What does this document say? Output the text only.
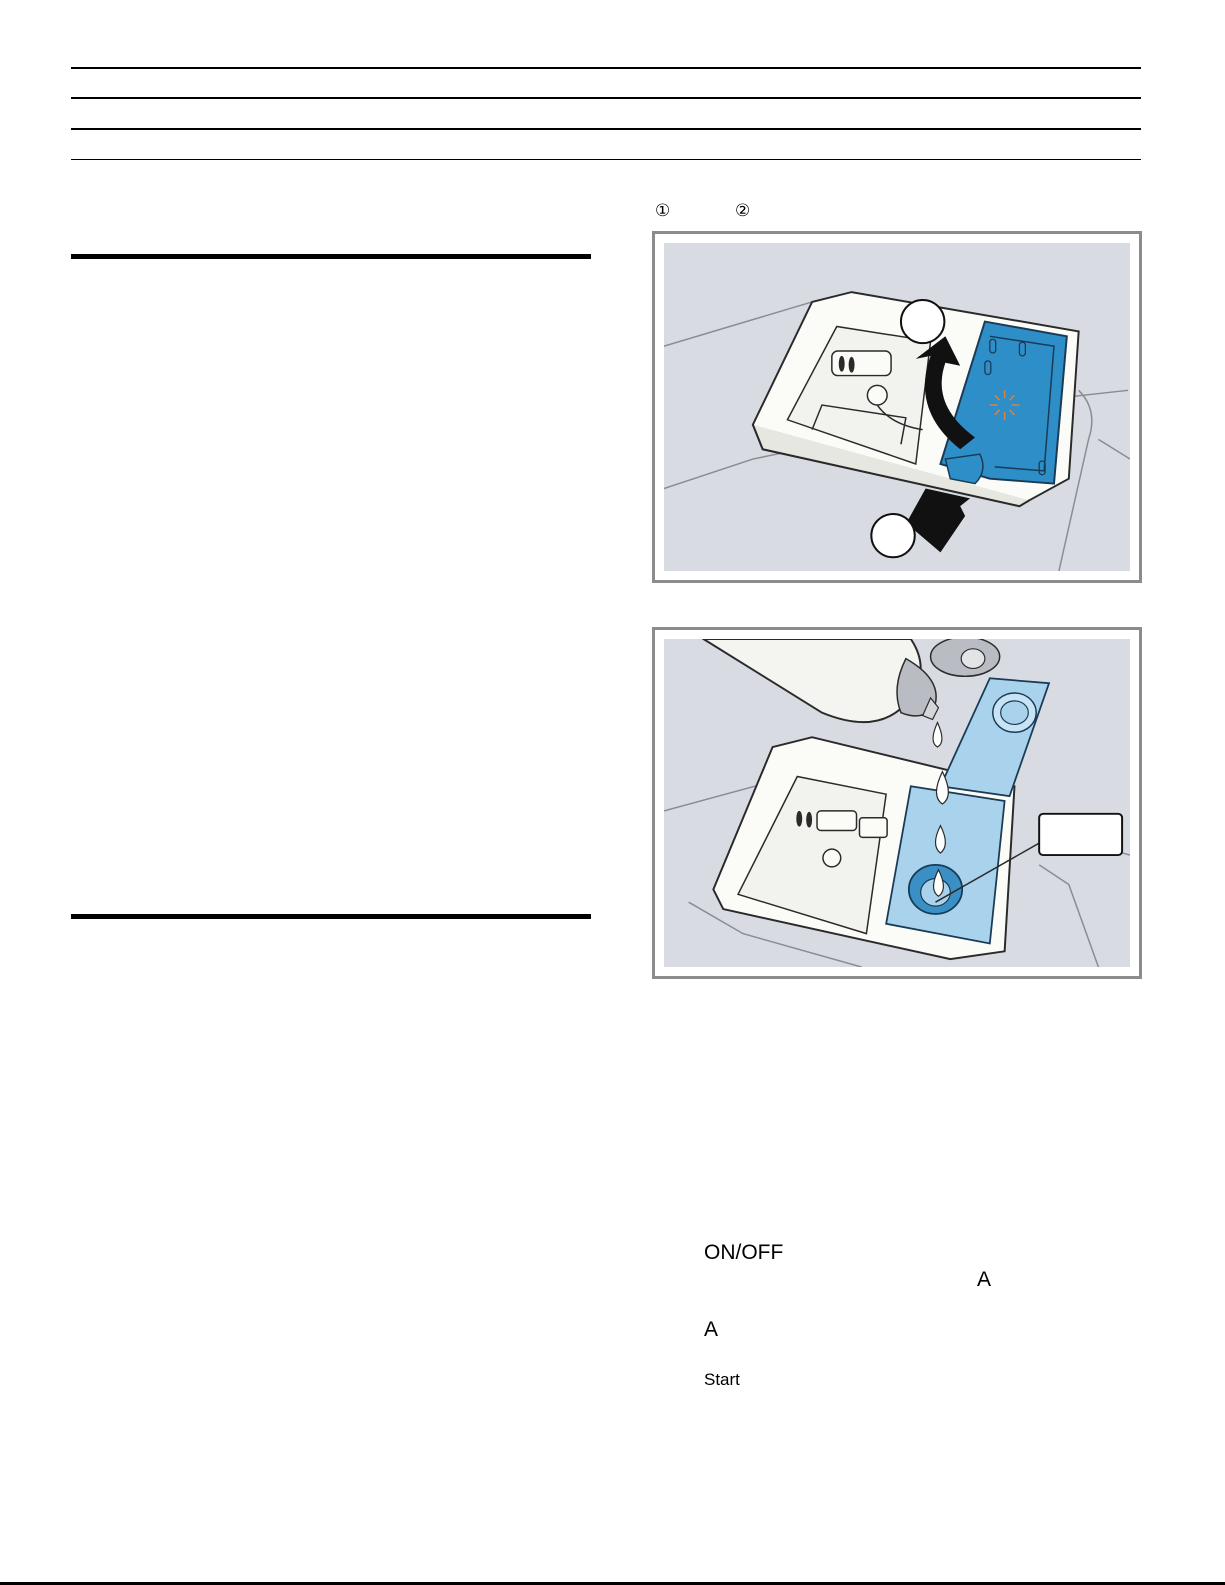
①	②
ON/OFF
A
A
Start
